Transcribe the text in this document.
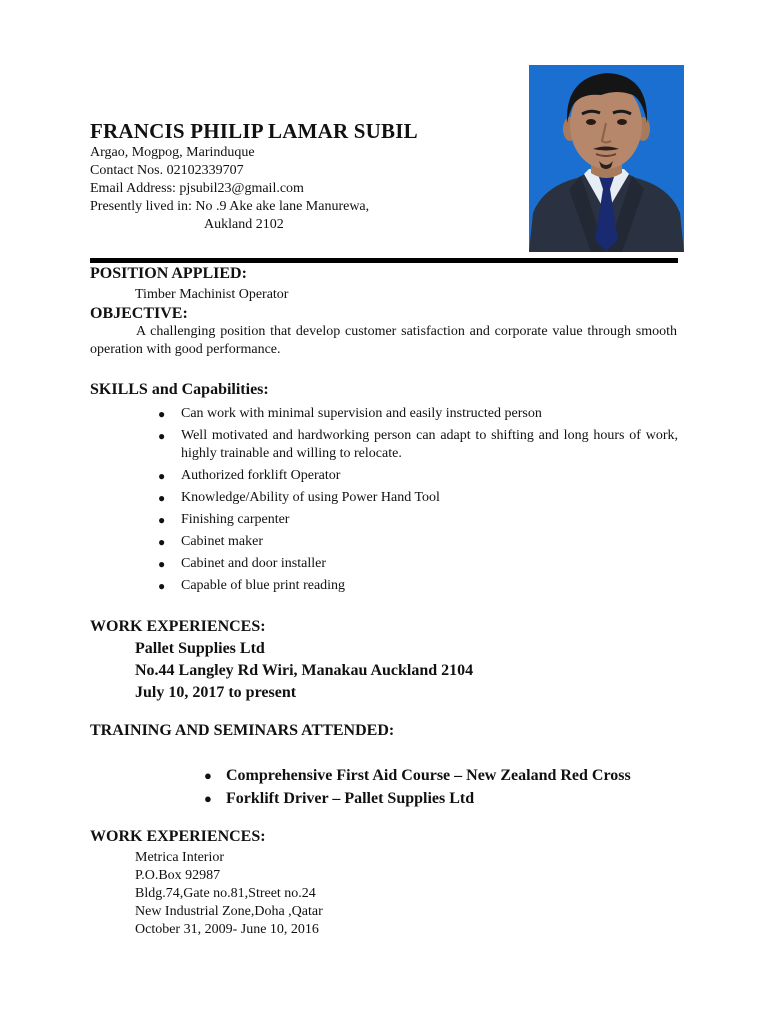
FRANCIS PHILIP LAMAR SUBIL
Argao, Mogpog, Marinduque
Contact Nos. 02102339707
Email Address: pjsubil23@gmail.com
Presently lived in: No .9 Ake ake lane Manurewa,
Aukland 2102
POSITION APPLIED:
Timber Machinist Operator
OBJECTIVE:
A challenging position that develop customer satisfaction and corporate value through smooth operation with good performance.
SKILLS and Capabilities:
● Can work with minimal supervision and easily instructed person
● Well motivated and hardworking person can adapt to shifting and long hours of work, highly trainable and willing to relocate.
● Authorized forklift Operator
● Knowledge/Ability of using Power Hand Tool
● Finishing carpenter
● Cabinet maker
● Cabinet and door installer
● Capable of blue print reading
WORK EXPERIENCES:
Pallet Supplies Ltd
No.44 Langley Rd Wiri, Manakau Auckland 2104
July 10, 2017 to present
TRAINING AND SEMINARS ATTENDED:
● Comprehensive First Aid Course – New Zealand Red Cross
● Forklift Driver – Pallet Supplies Ltd
WORK EXPERIENCES:
Metrica Interior
P.O.Box 92987
Bldg.74,Gate no.81,Street no.24
New Industrial Zone,Doha ,Qatar
October 31, 2009- June 10, 2016
